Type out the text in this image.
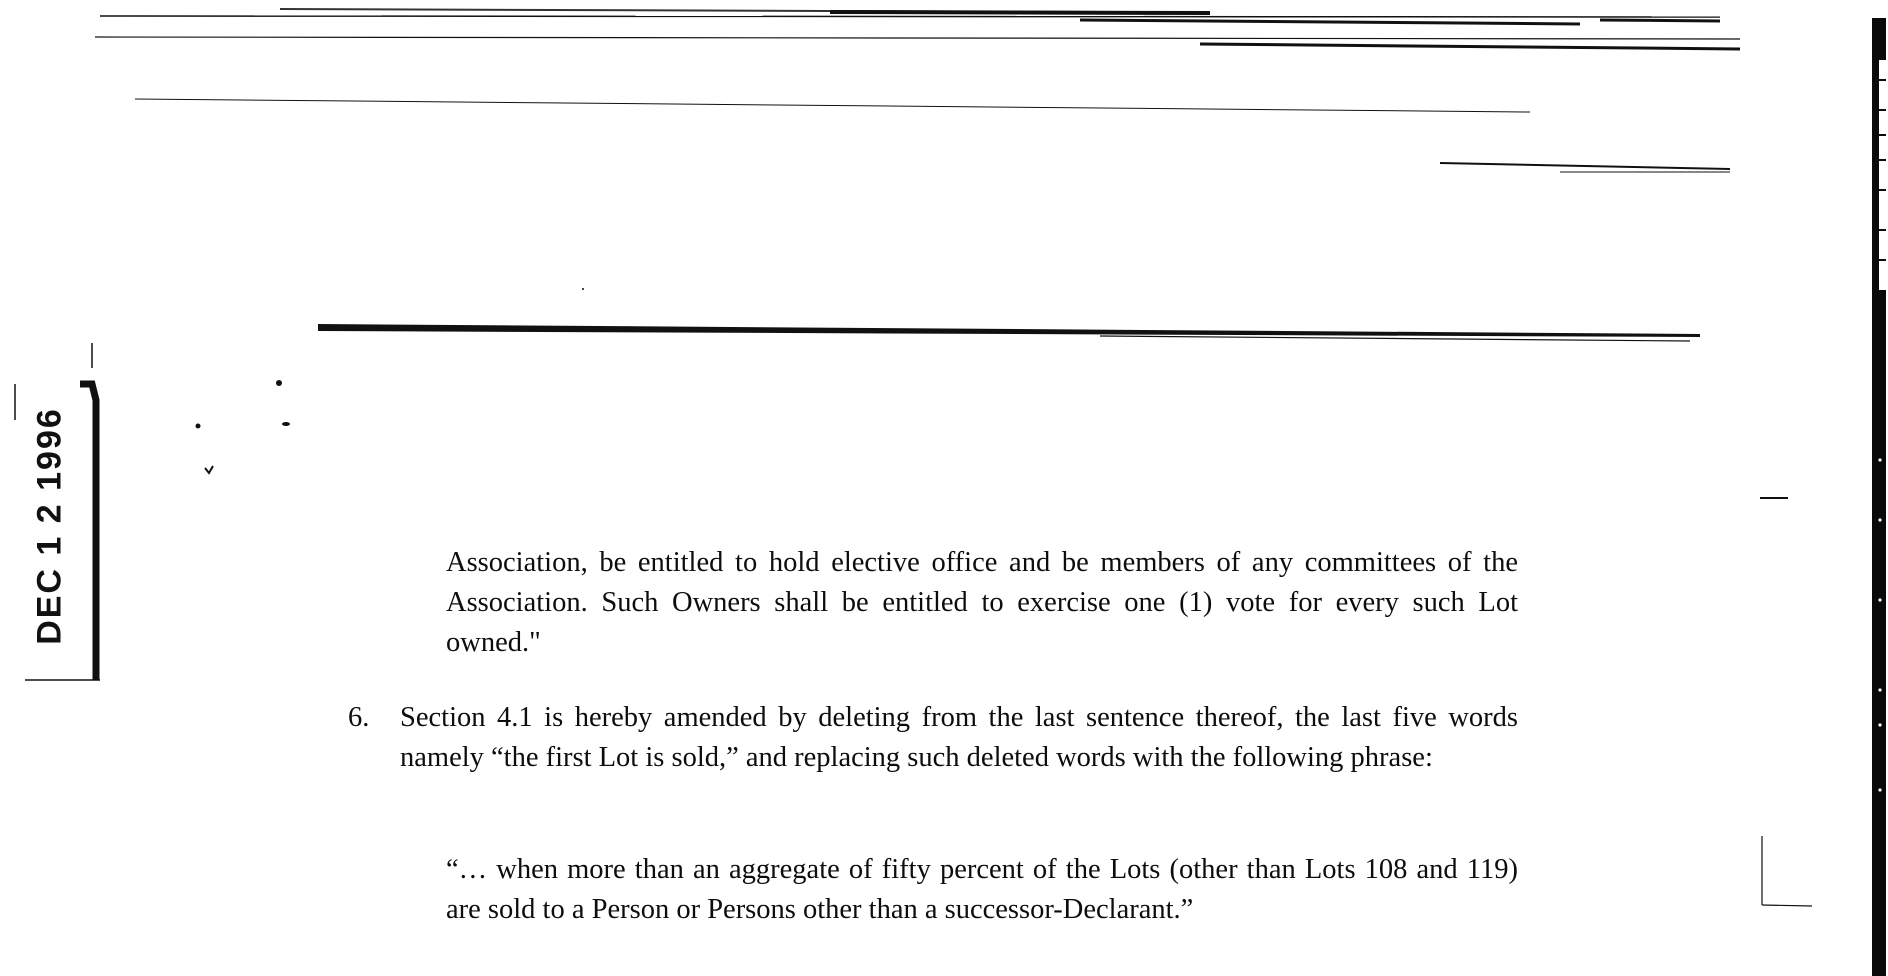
DEC 1 2 1996	Association, be entitled to hold elective office and be members of any committees of the Association. Such Owners shall be entitled to exercise one (1) vote for every such Lot owned."

6. Section 4.1 is hereby amended by deleting from the last sentence thereof, the last five words namely “the first Lot is sold,” and replacing such deleted words with the following phrase:

“… when more than an aggregate of fifty percent of the Lots (other than Lots 108 and 119) are sold to a Person or Persons other than a successor-Declarant.”
